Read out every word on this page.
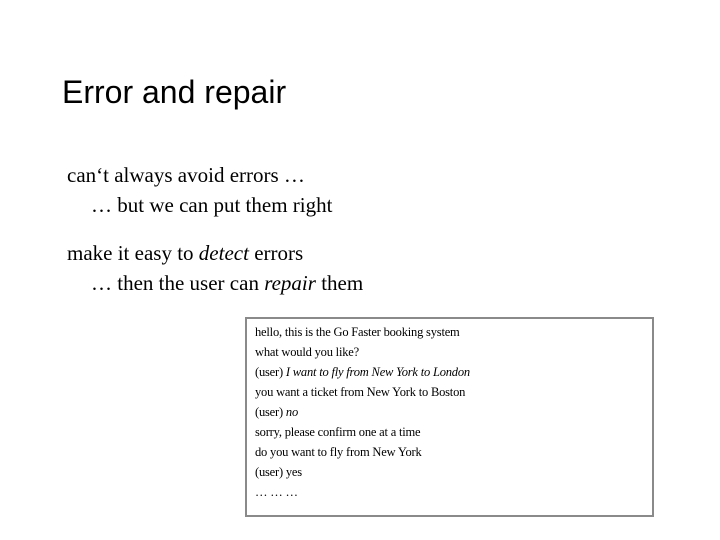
Error and repair
can‘t always avoid errors …
… but we can put them right
make it easy to detect errors
… then the user can repair them
hello, this is the Go Faster booking system
what would you like?
(user) I want to fly from New York to London
you want a ticket from New York to Boston
(user) no
sorry, please confirm one at a time
do you want to fly from New York
(user) yes
… … …
